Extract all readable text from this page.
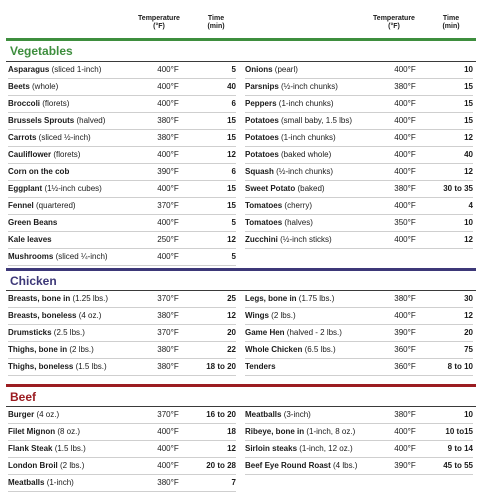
Temperature
(°F)
Time
(min)
Temperature
(°F)
Time
(min)
Vegetables
Asparagus (sliced 1-inch)	400°F	5
Beets (whole)	400°F	40
Broccoli (florets)	400°F	6
Brussels Sprouts (halved)	380°F	15
Carrots (sliced ½-inch)	380°F	15
Cauliflower (florets)	400°F	12
Corn on the cob	390°F	6
Eggplant (1½-inch cubes)	400°F	15
Fennel (quartered)	370°F	15
Green Beans	400°F	5
Kale leaves	250°F	12
Mushrooms (sliced ¼-inch)	400°F	5
Onions (pearl)	400°F	10
Parsnips (½-inch chunks)	380°F	15
Peppers (1-inch chunks)	400°F	15
Potatoes (small baby, 1.5 lbs)	400°F	15
Potatoes (1-inch chunks)	400°F	12
Potatoes (baked whole)	400°F	40
Squash (½-inch chunks)	400°F	12
Sweet Potato (baked)	380°F	30 to 35
Tomatoes (cherry)	400°F	4
Tomatoes (halves)	350°F	10
Zucchini (½-inch sticks)	400°F	12
Chicken
Breasts, bone in (1.25 lbs.)	370°F	25
Breasts, boneless (4 oz.)	380°F	12
Drumsticks (2.5 lbs.)	370°F	20
Thighs, bone in (2 lbs.)	380°F	22
Thighs, boneless (1.5 lbs.)	380°F	18 to 20
Legs, bone in (1.75 lbs.)	380°F	30
Wings (2 lbs.)	400°F	12
Game Hen (halved - 2 lbs.)	390°F	20
Whole Chicken (6.5 lbs.)	360°F	75
Tenders	360°F	8 to 10
Beef
Burger (4 oz.)	370°F	16 to 20
Filet Mignon (8 oz.)	400°F	18
Flank Steak (1.5 lbs.)	400°F	12
London Broil (2 lbs.)	400°F	20 to 28
Meatballs (1-inch)	380°F	7
Meatballs (3-inch)	380°F	10
Ribeye, bone in (1-inch, 8 oz.)	400°F	10 to15
Sirloin steaks (1-inch, 12 oz.)	400°F	9 to 14
Beef Eye Round Roast (4 lbs.)	390°F	45 to 55
